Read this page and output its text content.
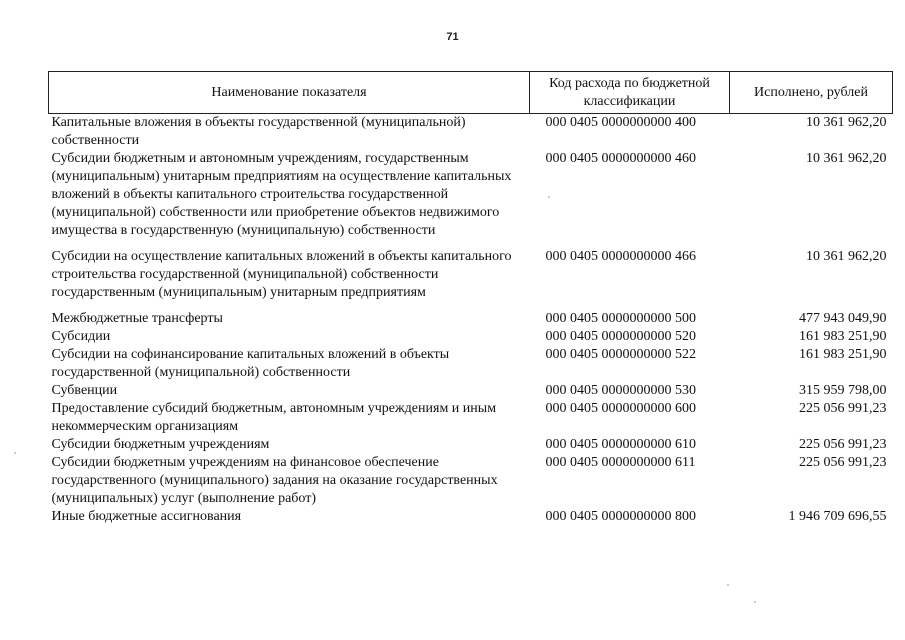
71
Наименование показателя	Код расхода по бюджетной классификации	Исполнено, рублей
Капитальные вложения в объекты государственной (муниципальной) собственности	000 0405 0000000000 400	10 361 962,20
Субсидии бюджетным и автономным учреждениям, государственным (муниципальным) унитарным предприятиям на осуществление капитальных вложений в объекты капитального строительства государственной (муниципальной) собственности или приобретение объектов недвижимого имущества в государственную (муниципальную) собственности	000 0405 0000000000 460	10 361 962,20
Субсидии на осуществление капитальных вложений в объекты капитального строительства государственной (муниципальной) собственности государственным (муниципальным) унитарным предприятиям	000 0405 0000000000 466	10 361 962,20
Межбюджетные трансферты	000 0405 0000000000 500	477 943 049,90
Субсидии	000 0405 0000000000 520	161 983 251,90
Субсидии на софинансирование капитальных вложений в объекты государственной (муниципальной) собственности	000 0405 0000000000 522	161 983 251,90
Субвенции	000 0405 0000000000 530	315 959 798,00
Предоставление субсидий бюджетным, автономным учреждениям и иным некоммерческим организациям	000 0405 0000000000 600	225 056 991,23
Субсидии бюджетным учреждениям	000 0405 0000000000 610	225 056 991,23
Субсидии бюджетным учреждениям на финансовое обеспечение государственного (муниципального) задания на оказание государственных (муниципальных) услуг (выполнение работ)	000 0405 0000000000 611	225 056 991,23
Иные бюджетные ассигнования	000 0405 0000000000 800	1 946 709 696,55
